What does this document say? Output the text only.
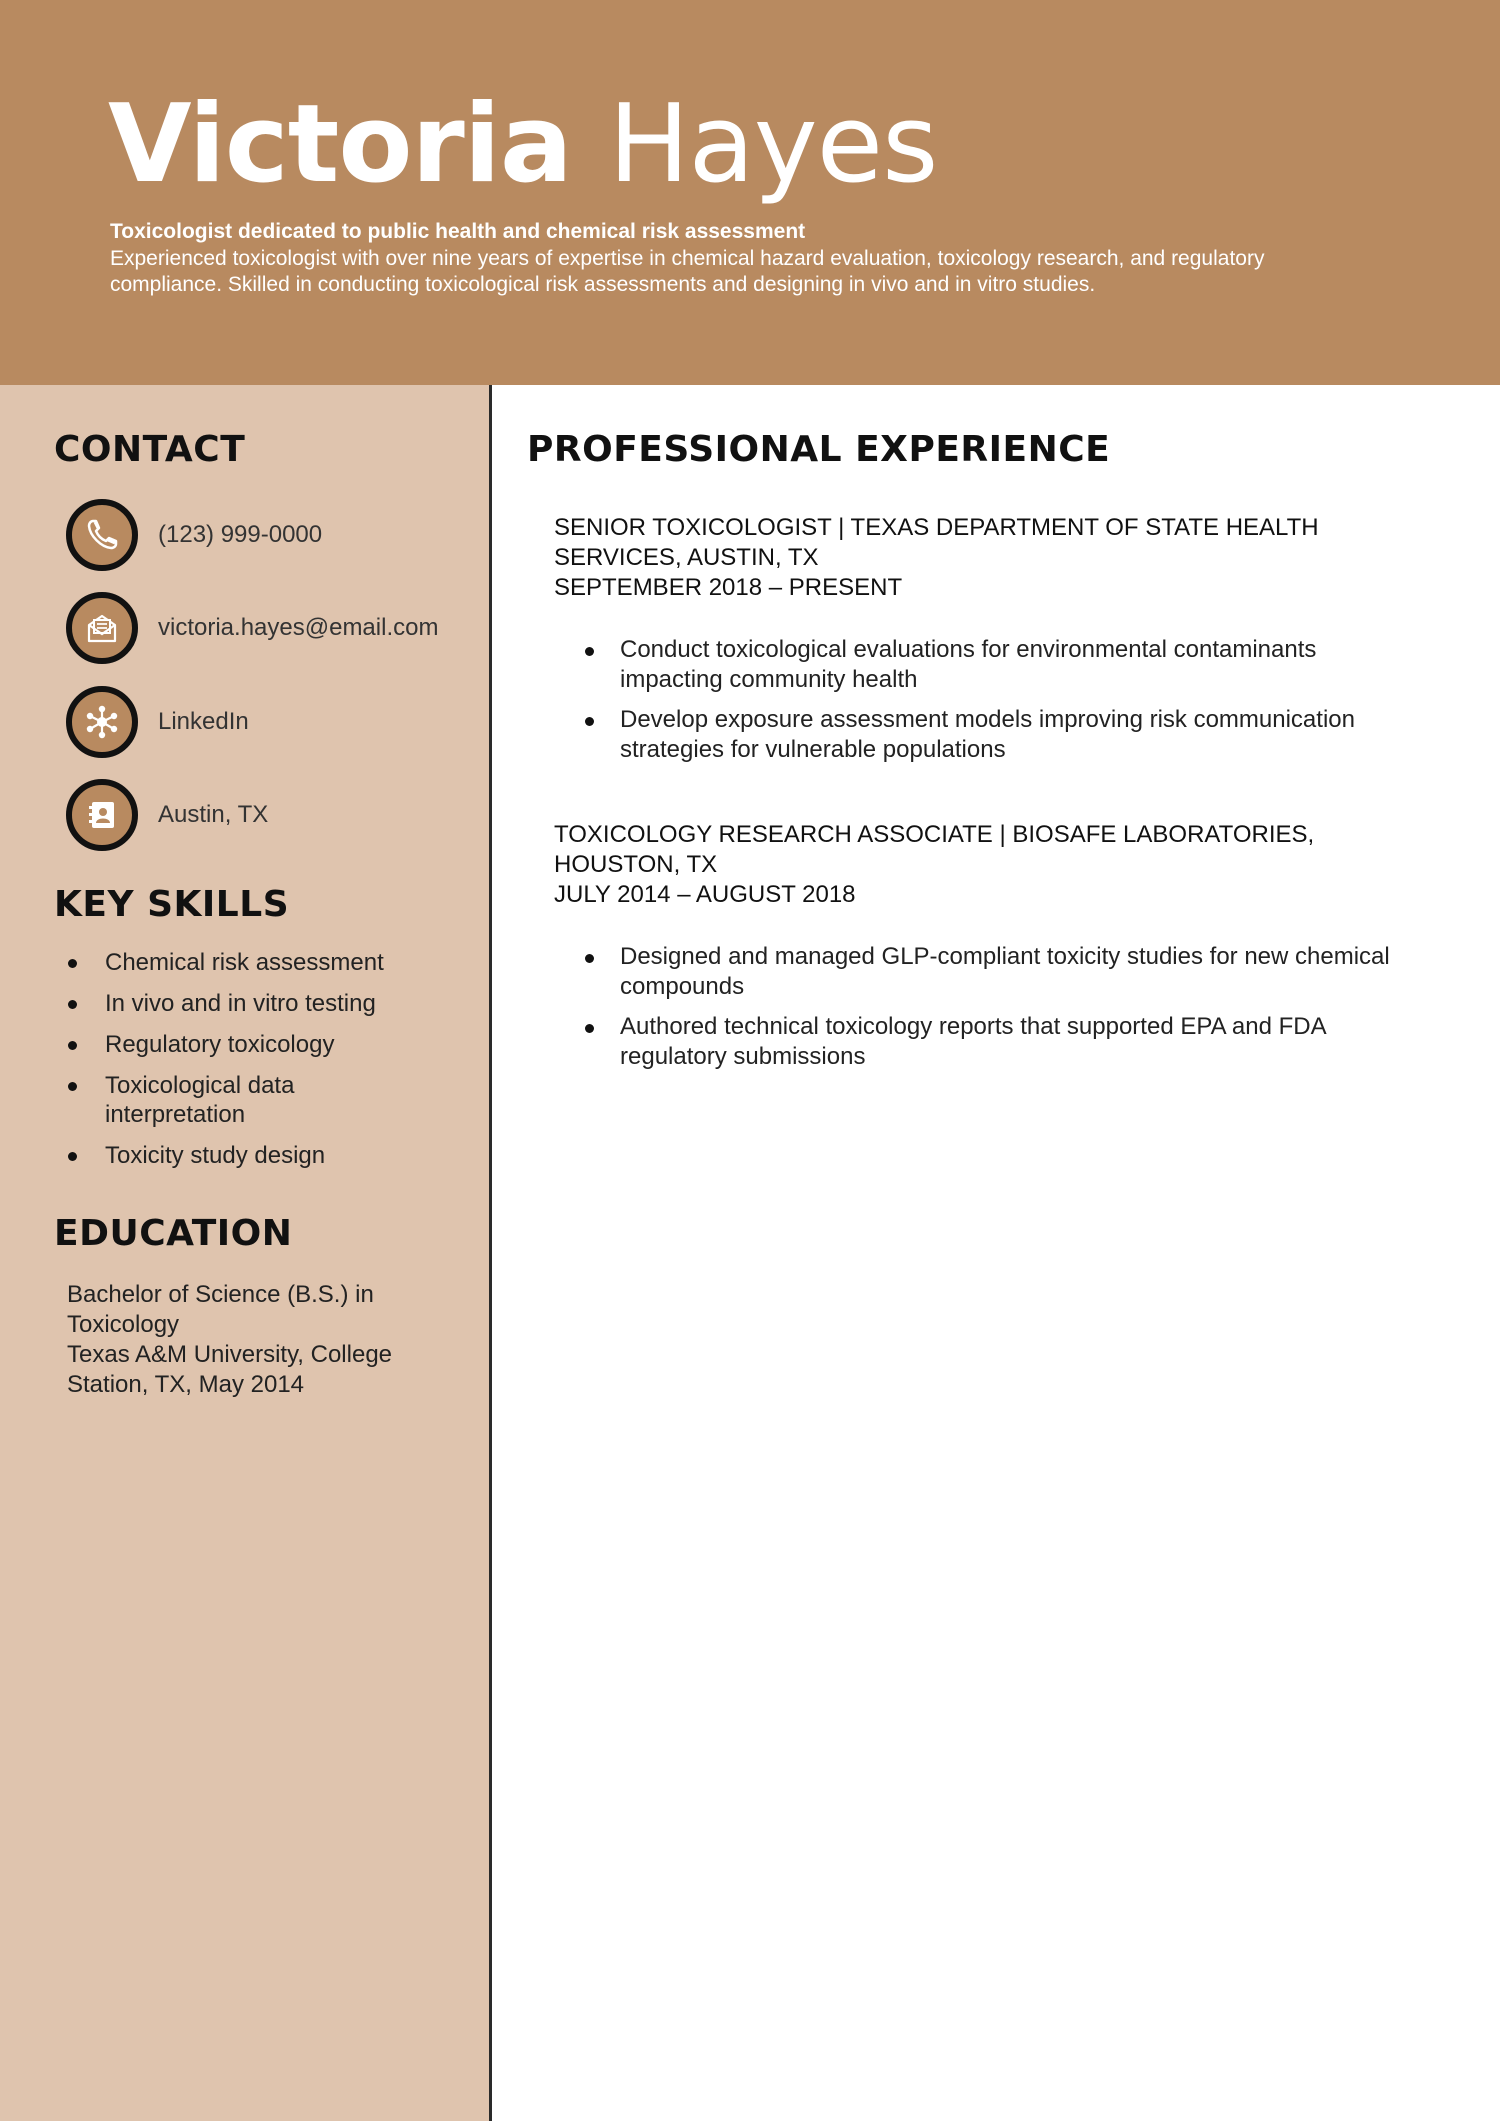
Victoria Hayes
Toxicologist dedicated to public health and chemical risk assessment
Experienced toxicologist with over nine years of expertise in chemical hazard evaluation, toxicology research, and regulatory compliance. Skilled in conducting toxicological risk assessments and designing in vivo and in vitro studies.
CONTACT
(123) 999-0000
victoria.hayes@email.com
LinkedIn
Austin, TX
KEY SKILLS
Chemical risk assessment
In vivo and in vitro testing
Regulatory toxicology
Toxicological data interpretation
Toxicity study design
EDUCATION
Bachelor of Science (B.S.) in Toxicology
Texas A&M University, College Station, TX, May 2014
PROFESSIONAL EXPERIENCE
SENIOR TOXICOLOGIST | TEXAS DEPARTMENT OF STATE HEALTH SERVICES, AUSTIN, TX
SEPTEMBER 2018 – PRESENT
Conduct toxicological evaluations for environmental contaminants impacting community health
Develop exposure assessment models improving risk communication strategies for vulnerable populations
TOXICOLOGY RESEARCH ASSOCIATE | BIOSAFE LABORATORIES, HOUSTON, TX
JULY 2014 – AUGUST 2018
Designed and managed GLP-compliant toxicity studies for new chemical compounds
Authored technical toxicology reports that supported EPA and FDA regulatory submissions
